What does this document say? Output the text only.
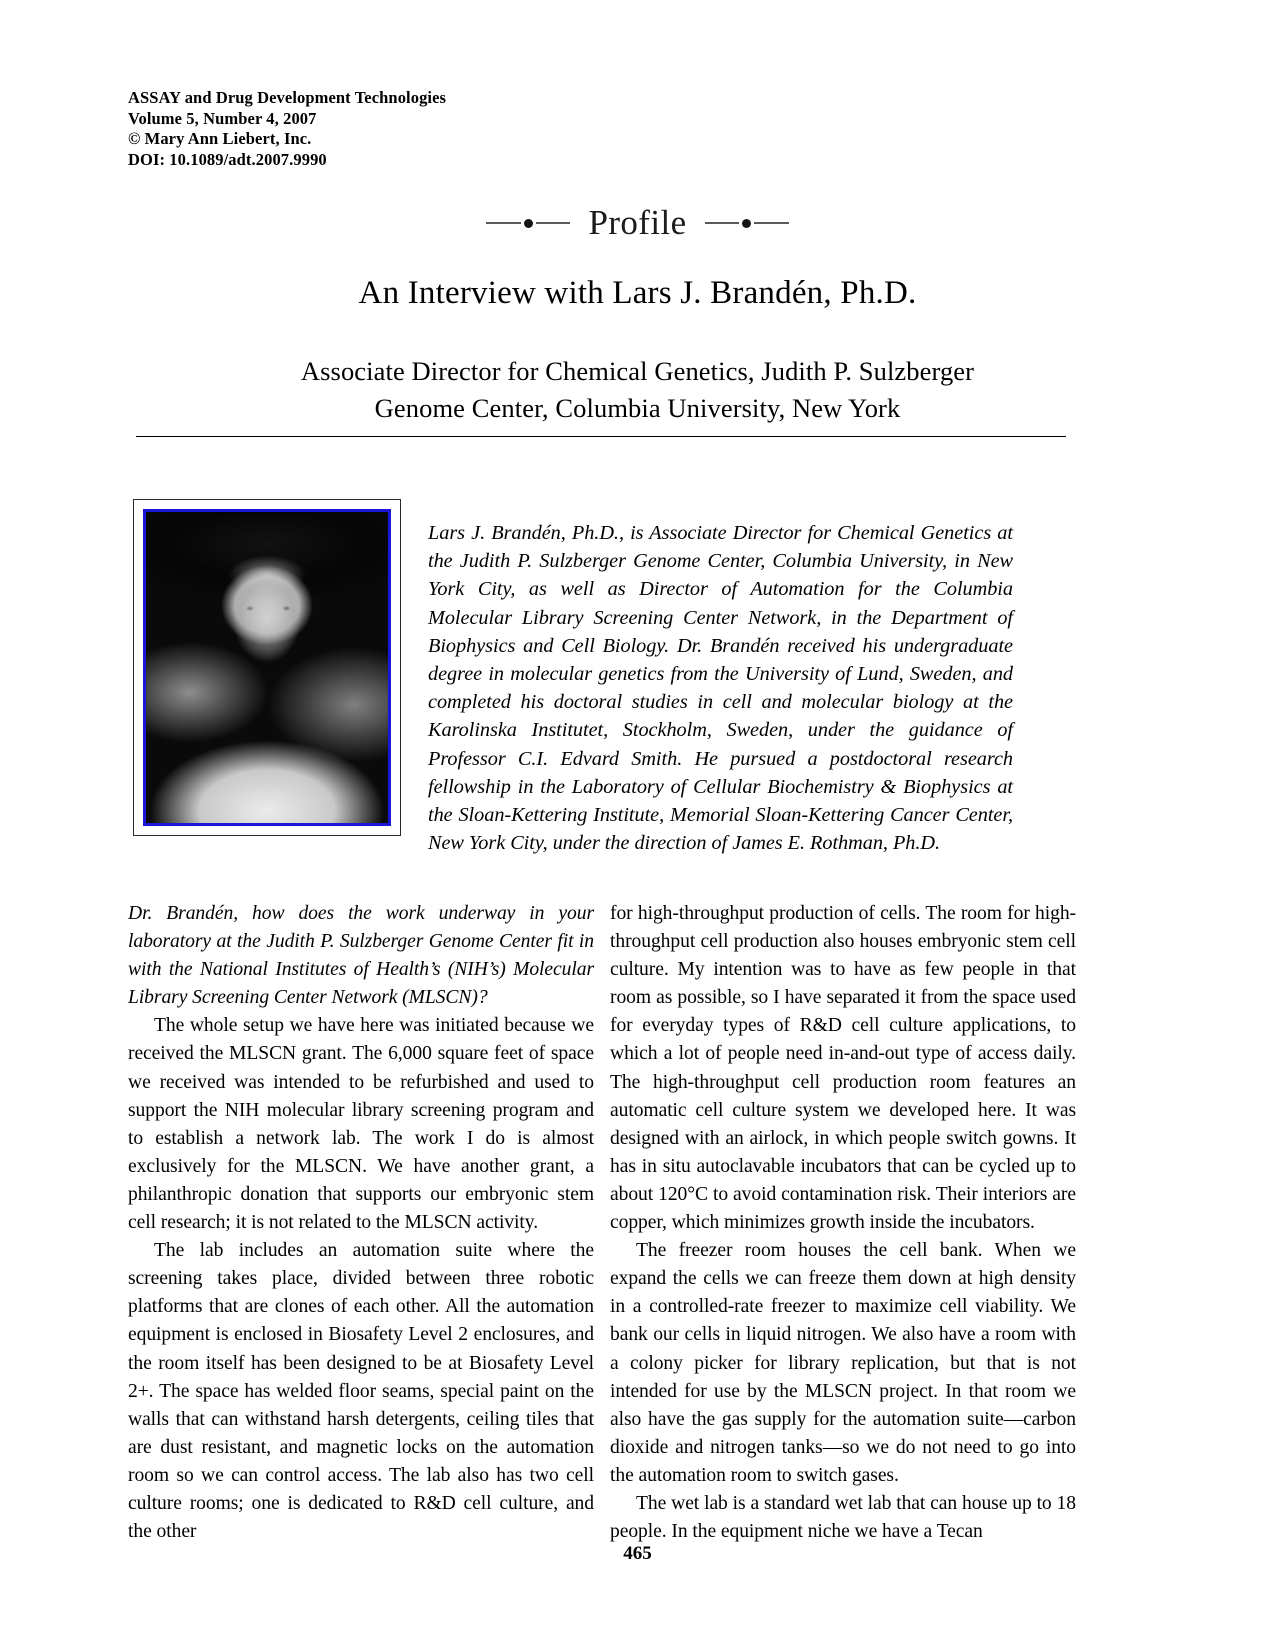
ASSAY and Drug Development Technologies
Volume 5, Number 4, 2007
© Mary Ann Liebert, Inc.
DOI: 10.1089/adt.2007.9990
Profile
An Interview with Lars J. Brandén, Ph.D.
Associate Director for Chemical Genetics, Judith P. Sulzberger
Genome Center, Columbia University, New York
Lars J. Brandén, Ph.D., is Associate Director for Chemical Genetics at the Judith P. Sulzberger Genome Center, Columbia University, in New York City, as well as Director of Automation for the Columbia Molecular Library Screening Center Network, in the Department of Biophysics and Cell Biology. Dr. Brandén received his undergraduate degree in molecular genetics from the University of Lund, Sweden, and completed his doctoral studies in cell and molecular biology at the Karolinska Institutet, Stockholm, Sweden, under the guidance of Professor C.I. Edvard Smith. He pursued a postdoctoral research fellowship in the Laboratory of Cellular Biochemistry & Biophysics at the Sloan-Kettering Institute, Memorial Sloan-Kettering Cancer Center, New York City, under the direction of James E. Rothman, Ph.D.

Dr. Brandén, how does the work underway in your laboratory at the Judith P. Sulzberger Genome Center fit in with the National Institutes of Health’s (NIH’s) Molecular Library Screening Center Network (MLSCN)?

The whole setup we have here was initiated because we received the MLSCN grant. The 6,000 square feet of space we received was intended to be refurbished and used to support the NIH molecular library screening program and to establish a network lab. The work I do is almost exclusively for the MLSCN. We have another grant, a philanthropic donation that supports our embryonic stem cell research; it is not related to the MLSCN activity.

The lab includes an automation suite where the screening takes place, divided between three robotic platforms that are clones of each other. All the automation equipment is enclosed in Biosafety Level 2 enclosures, and the room itself has been designed to be at Biosafety Level 2+. The space has welded floor seams, special paint on the walls that can withstand harsh detergents, ceiling tiles that are dust resistant, and magnetic locks on the automation room so we can control access. The lab also has two cell culture rooms; one is dedicated to R&D cell culture, and the other

for high-throughput production of cells. The room for high-throughput cell production also houses embryonic stem cell culture. My intention was to have as few people in that room as possible, so I have separated it from the space used for everyday types of R&D cell culture applications, to which a lot of people need in-and-out type of access daily. The high-throughput cell production room features an automatic cell culture system we developed here. It was designed with an airlock, in which people switch gowns. It has in situ autoclavable incubators that can be cycled up to about 120°C to avoid contamination risk. Their interiors are copper, which minimizes growth inside the incubators.

The freezer room houses the cell bank. When we expand the cells we can freeze them down at high density in a controlled-rate freezer to maximize cell viability. We bank our cells in liquid nitrogen. We also have a room with a colony picker for library replication, but that is not intended for use by the MLSCN project. In that room we also have the gas supply for the automation suite—carbon dioxide and nitrogen tanks—so we do not need to go into the automation room to switch gases.

The wet lab is a standard wet lab that can house up to 18 people. In the equipment niche we have a Tecan

465
